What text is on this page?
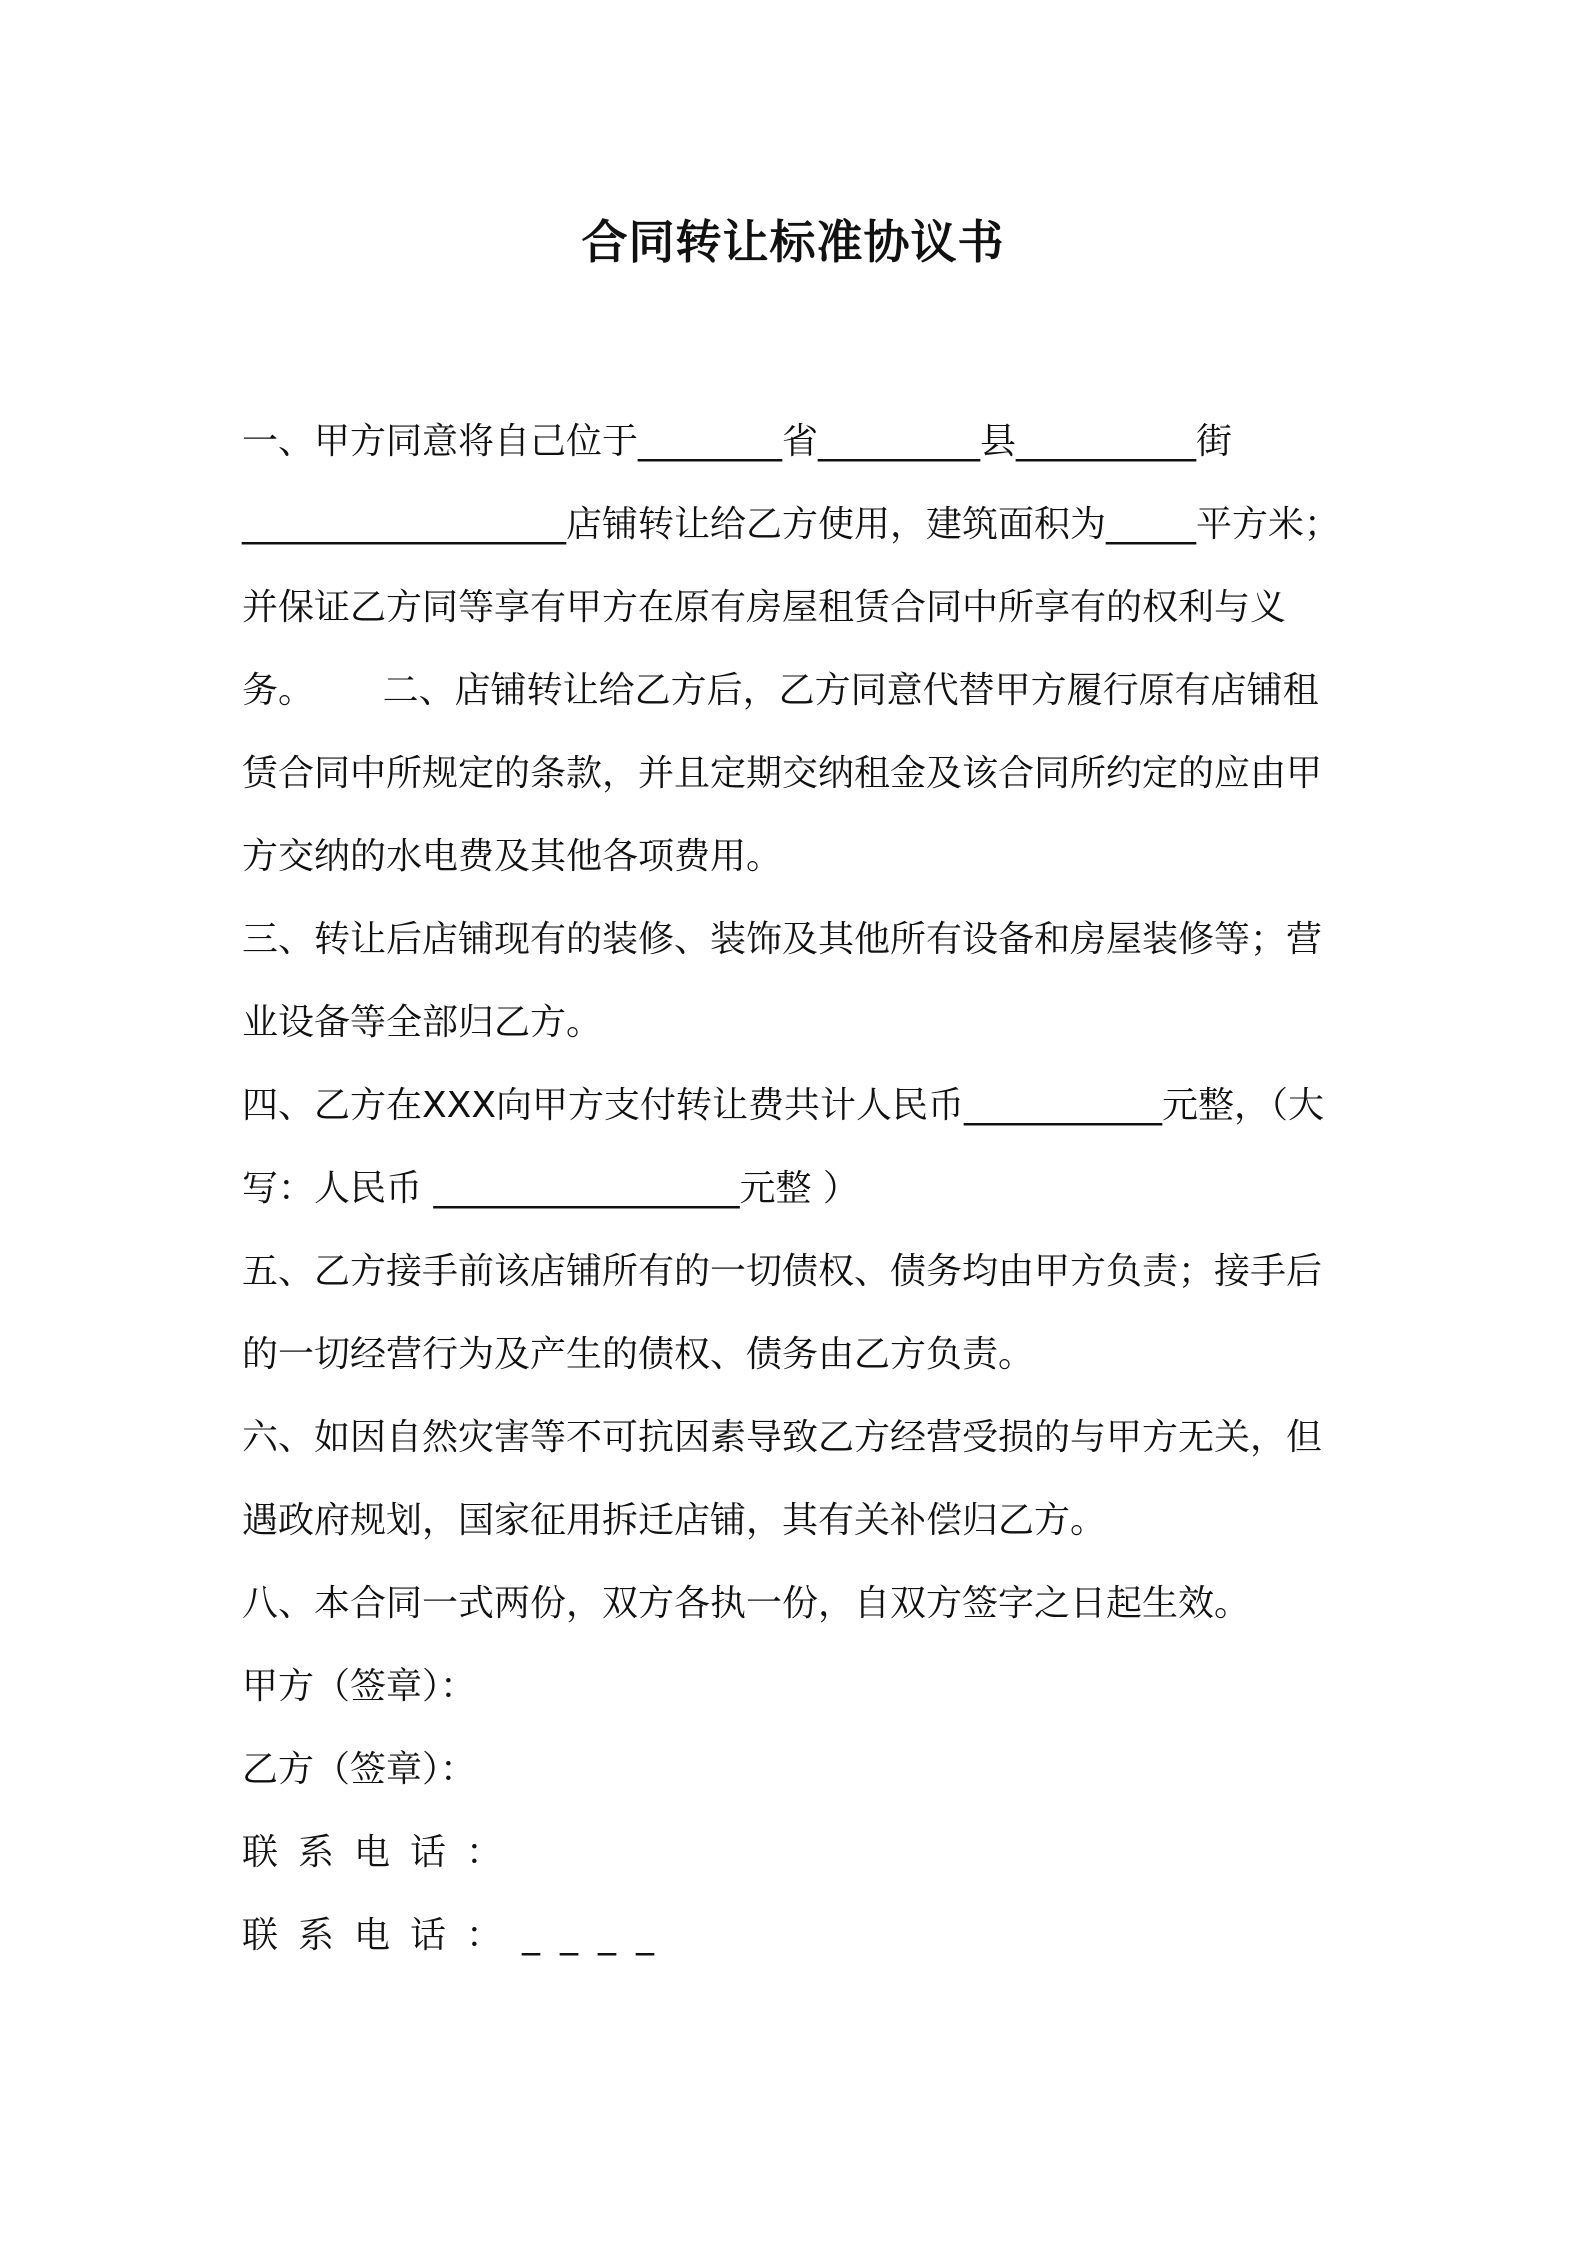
合同转让标准协议书
一、甲方同意将自己位于________省_________县__________街
__________________店铺转让给乙方使用，建筑面积为_____平方米；
并保证乙方同等享有甲方在原有房屋租赁合同中所享有的权利与义
务。      二、店铺转让给乙方后，乙方同意代替甲方履行原有店铺租
赁合同中所规定的条款，并且定期交纳租金及该合同所约定的应由甲
方交纳的水电费及其他各项费用。
三、转让后店铺现有的装修、装饰及其他所有设备和房屋装修等；营
业设备等全部归乙方。
四、乙方在XXX向甲方支付转让费共计人民币___________元整，（大
写：人民币 _________________元整 ）
五、乙方接手前该店铺所有的一切债权、债务均由甲方负责；接手后
的一切经营行为及产生的债权、债务由乙方负责。
六、如因自然灾害等不可抗因素导致乙方经营受损的与甲方无关，但
遇政府规划，国家征用拆迁店铺，其有关补偿归乙方。
八、本合同一式两份，双方各执一份，自双方签字之日起生效。
甲方（签章）：
乙方（签章）：
联系电话：
联系电话：____
